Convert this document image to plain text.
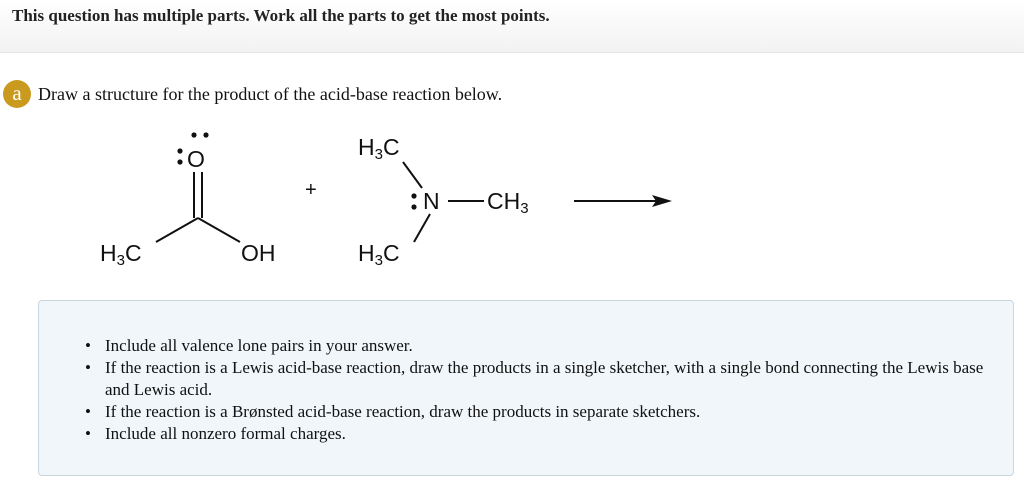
This question has multiple parts. Work all the parts to get the most points.
a Draw a structure for the product of the acid-base reaction below.
O
$H_3C$	OH
+
$H_3C$
N $CH_3$
$H_3C$
• Include all valence lone pairs in your answer.
• If the reaction is a Lewis acid-base reaction, draw the products in a single sketcher, with a single bond connecting the Lewis base and Lewis acid.
• If the reaction is a Brønsted acid-base reaction, draw the products in separate sketchers.
• Include all nonzero formal charges.
